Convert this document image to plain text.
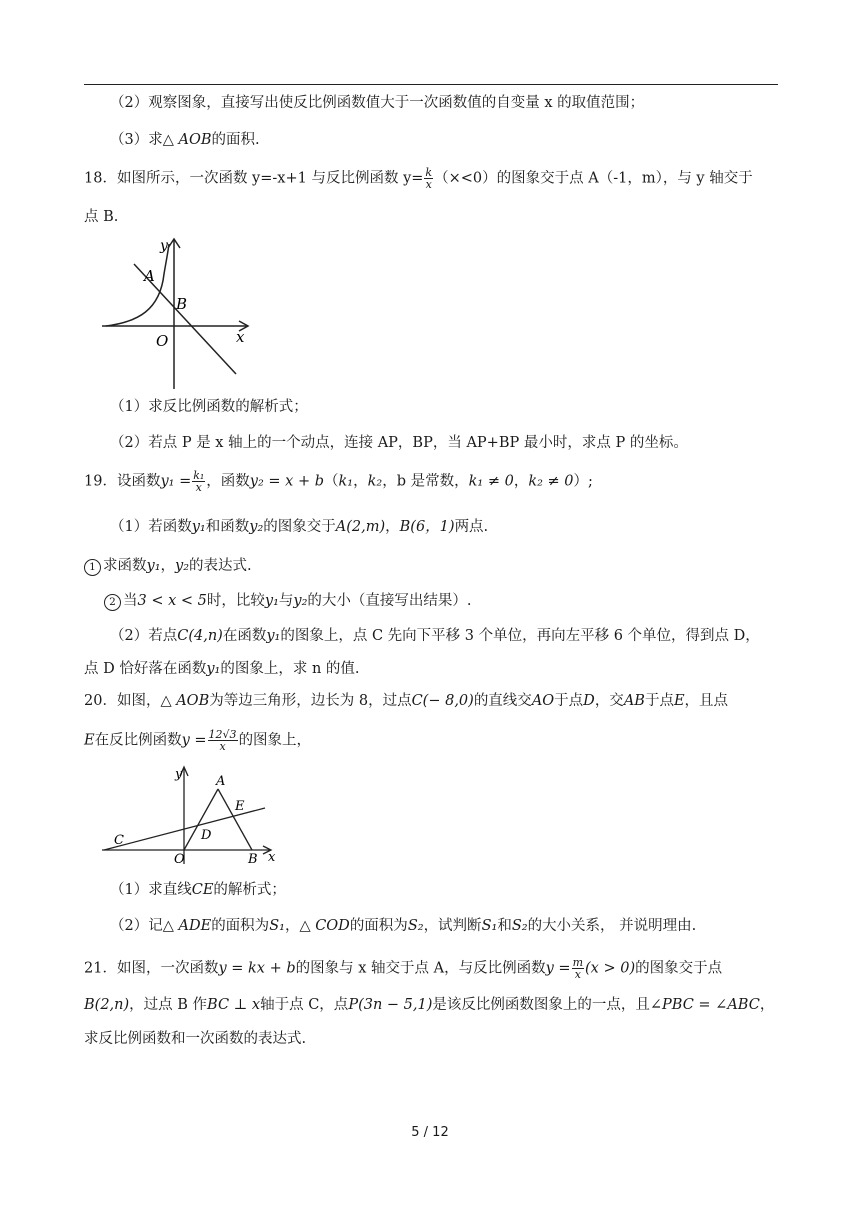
（2）观察图象，直接写出使反比例函数值大于一次函数值的自变量 x 的取值范围；
（3）求△ AOB的面积.
18．如图所示，一次函数 y=-x+1 与反比例函数 $y= \frac{k}{x} (\times<0)$的图象交于点 A（-1，m），与 y 轴交于
点 B.
y
x
O
A
B
（1）求反比例函数的解析式；
（2）若点 P 是 x 轴上的一个动点，连接 AP，BP，当 AP+BP 最小时，求点 P 的坐标。
19．设函数$y_1 = \frac{\text{k₁}}{x}$ ，函数y₂ = x + b（k₁，k₂，b 是常数，k₁ ≠ 0，k₂ ≠ 0）;
（1）若函数y₁和函数y₂的图象交于A(2,m)，B(6，1)两点.
1 求函数y₁，y₂的表达式.
2 当3 < x < 5时，比较y₁与y₂的大小（直接写出结果）.
（2）若点C(4,n)在函数y₁的图象上，点 C 先向下平移 3 个单位，再向左平移 6 个单位，得到点 D，
点 D 恰好落在函数y₁的图象上，求 n 的值.
20．如图，△ AOB为等边三角形，边长为 8，过点C(− 8,0)的直线交AO于点D，交AB于点E，且点
E在反比例函数$y = \frac{12√3}{x}$ 的图象上，
y
x
O
A
B
C	D
E
（1）求直线CE的解析式；
（2）记△ ADE的面积为S₁，△ COD的面积为S₂，试判断S₁和S₂的大小关系， 并说明理由.
21．如图，一次函数y = kx + b的图象与 x 轴交于点 A，与反比例函数$y = \frac{m}{x} (x > 0)$的图象交于点
B(2,n)，过点 B 作BC ⊥ x轴于点 C，点P(3n − 5,1)是该反比例函数图象上的一点，且∠PBC = ∠ABC，
求反比例函数和一次函数的表达式.
5 / 12
